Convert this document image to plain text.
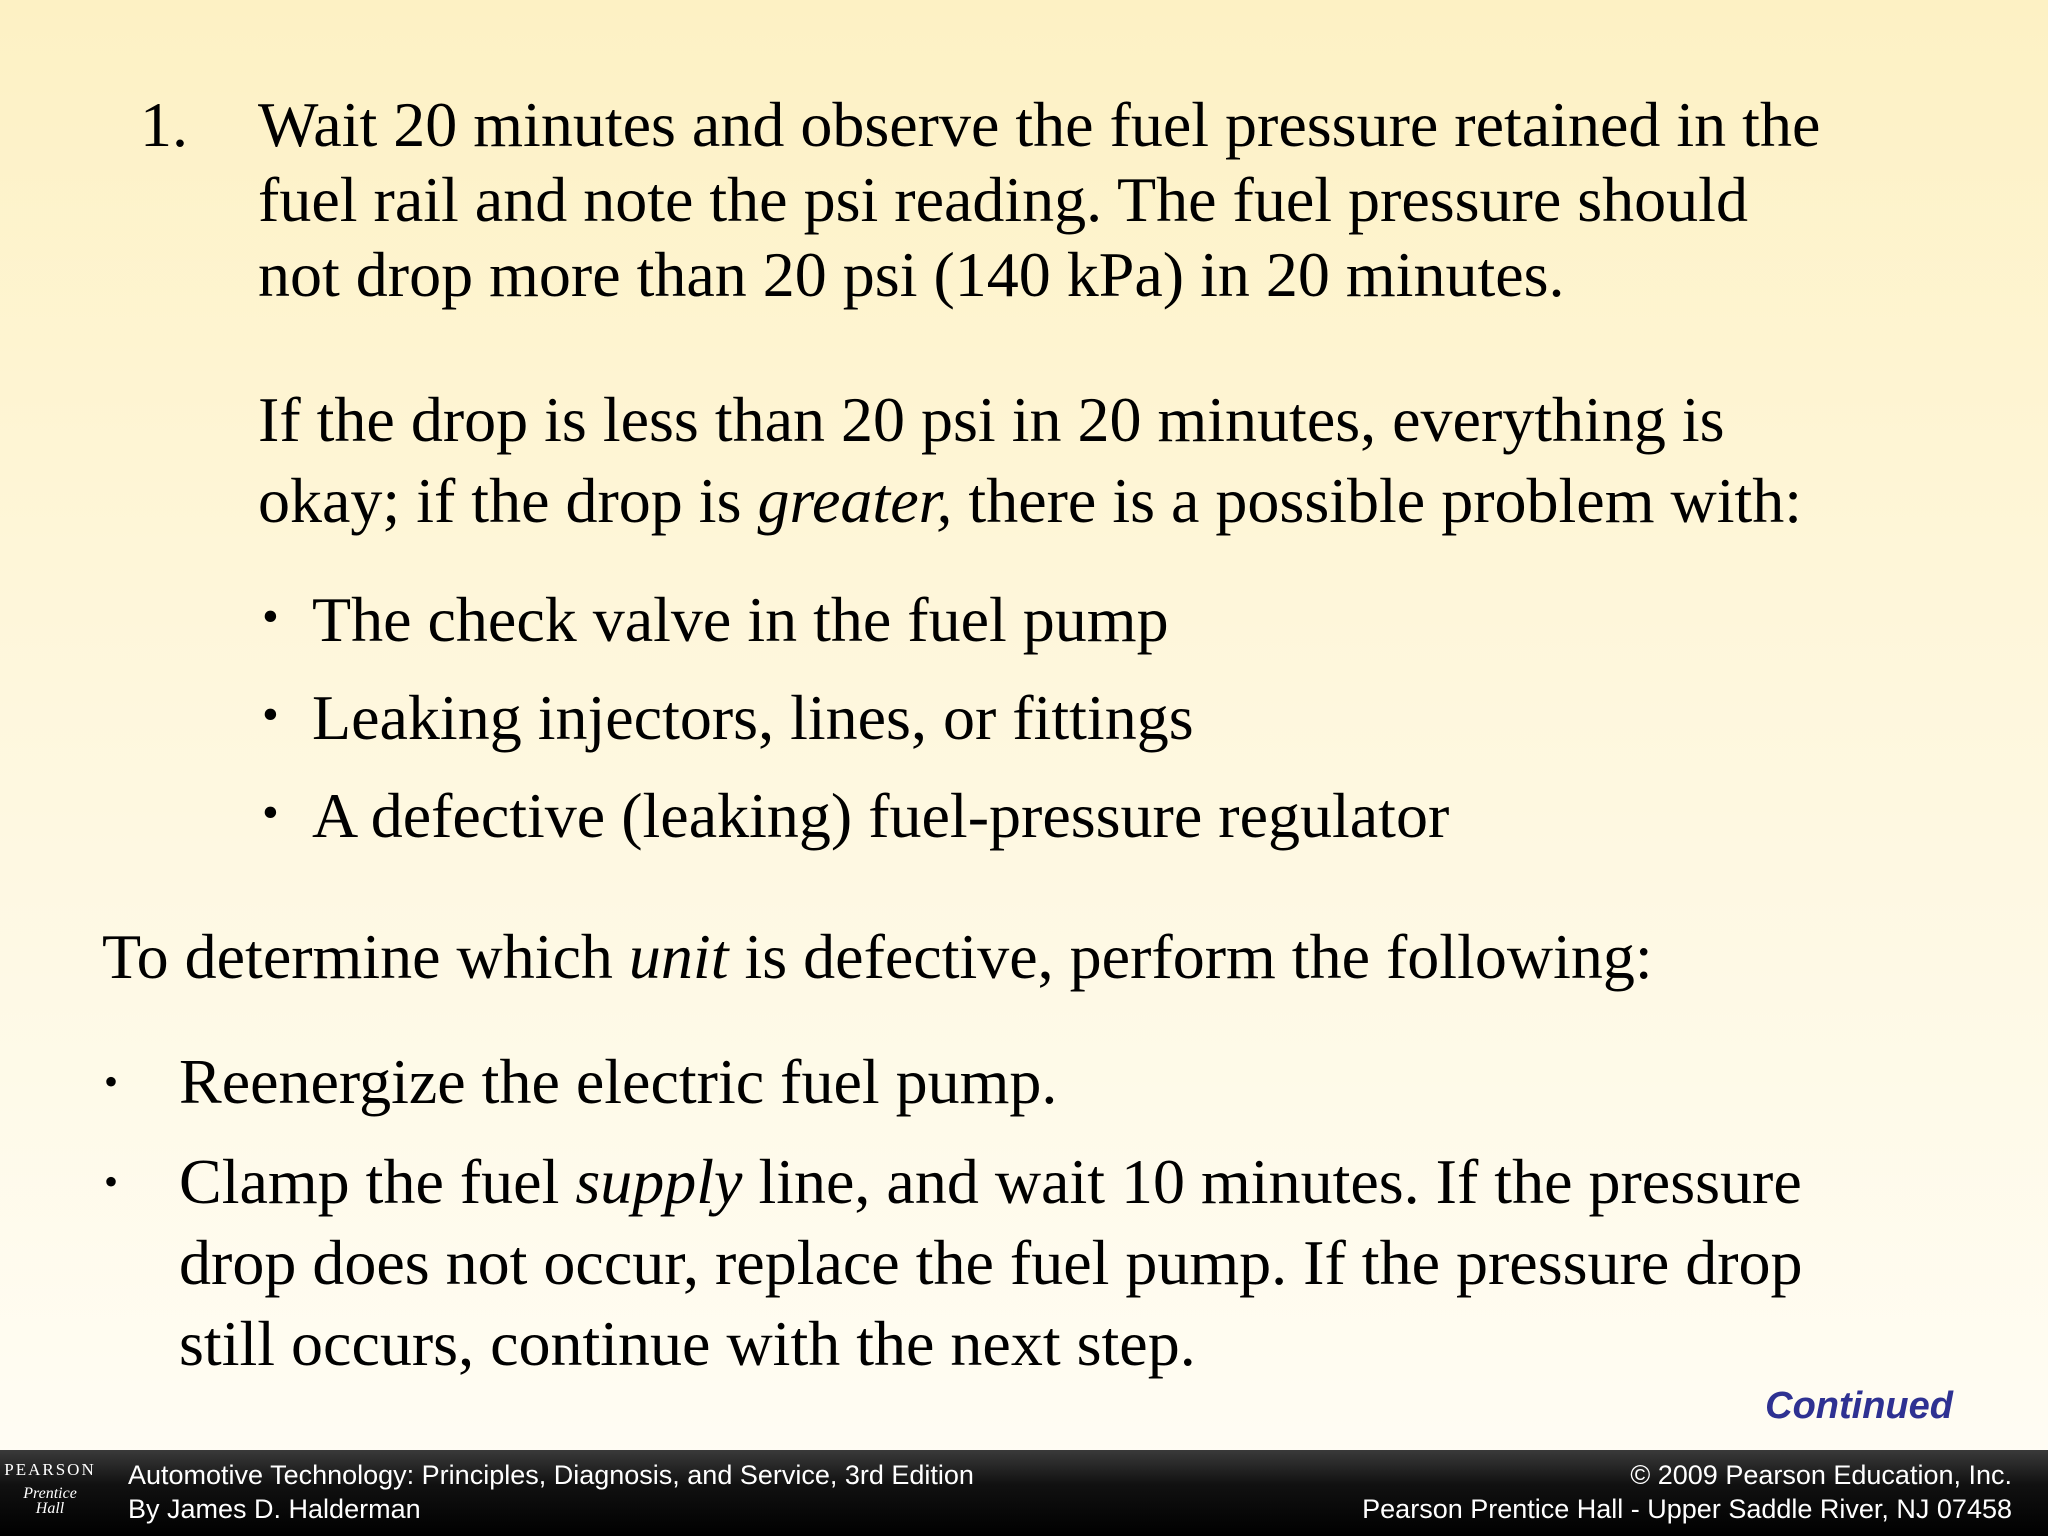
1. Wait 20 minutes and observe the fuel pressure retained in the

fuel rail and note the psi reading. The fuel pressure should

not drop more than 20 psi (140 kPa) in 20 minutes.

If the drop is less than 20 psi in 20 minutes, everything is

okay; if the drop is greater, there is a possible problem with:

• The check valve in the fuel pump

• Leaking injectors, lines, or fittings

• A defective (leaking) fuel-pressure regulator

To determine which unit is defective, perform the following:

• Reenergize the electric fuel pump.

• Clamp the fuel supply line, and wait 10 minutes. If the pressure

drop does not occur, replace the fuel pump. If the pressure drop

still occurs, continue with the next step.

Continued
PEARSON
Prentice
Hall
Automotive Technology: Principles, Diagnosis, and Service, 3rd Edition
By James D. Halderman
© 2009 Pearson Education, Inc.
Pearson Prentice Hall - Upper Saddle River, NJ 07458
